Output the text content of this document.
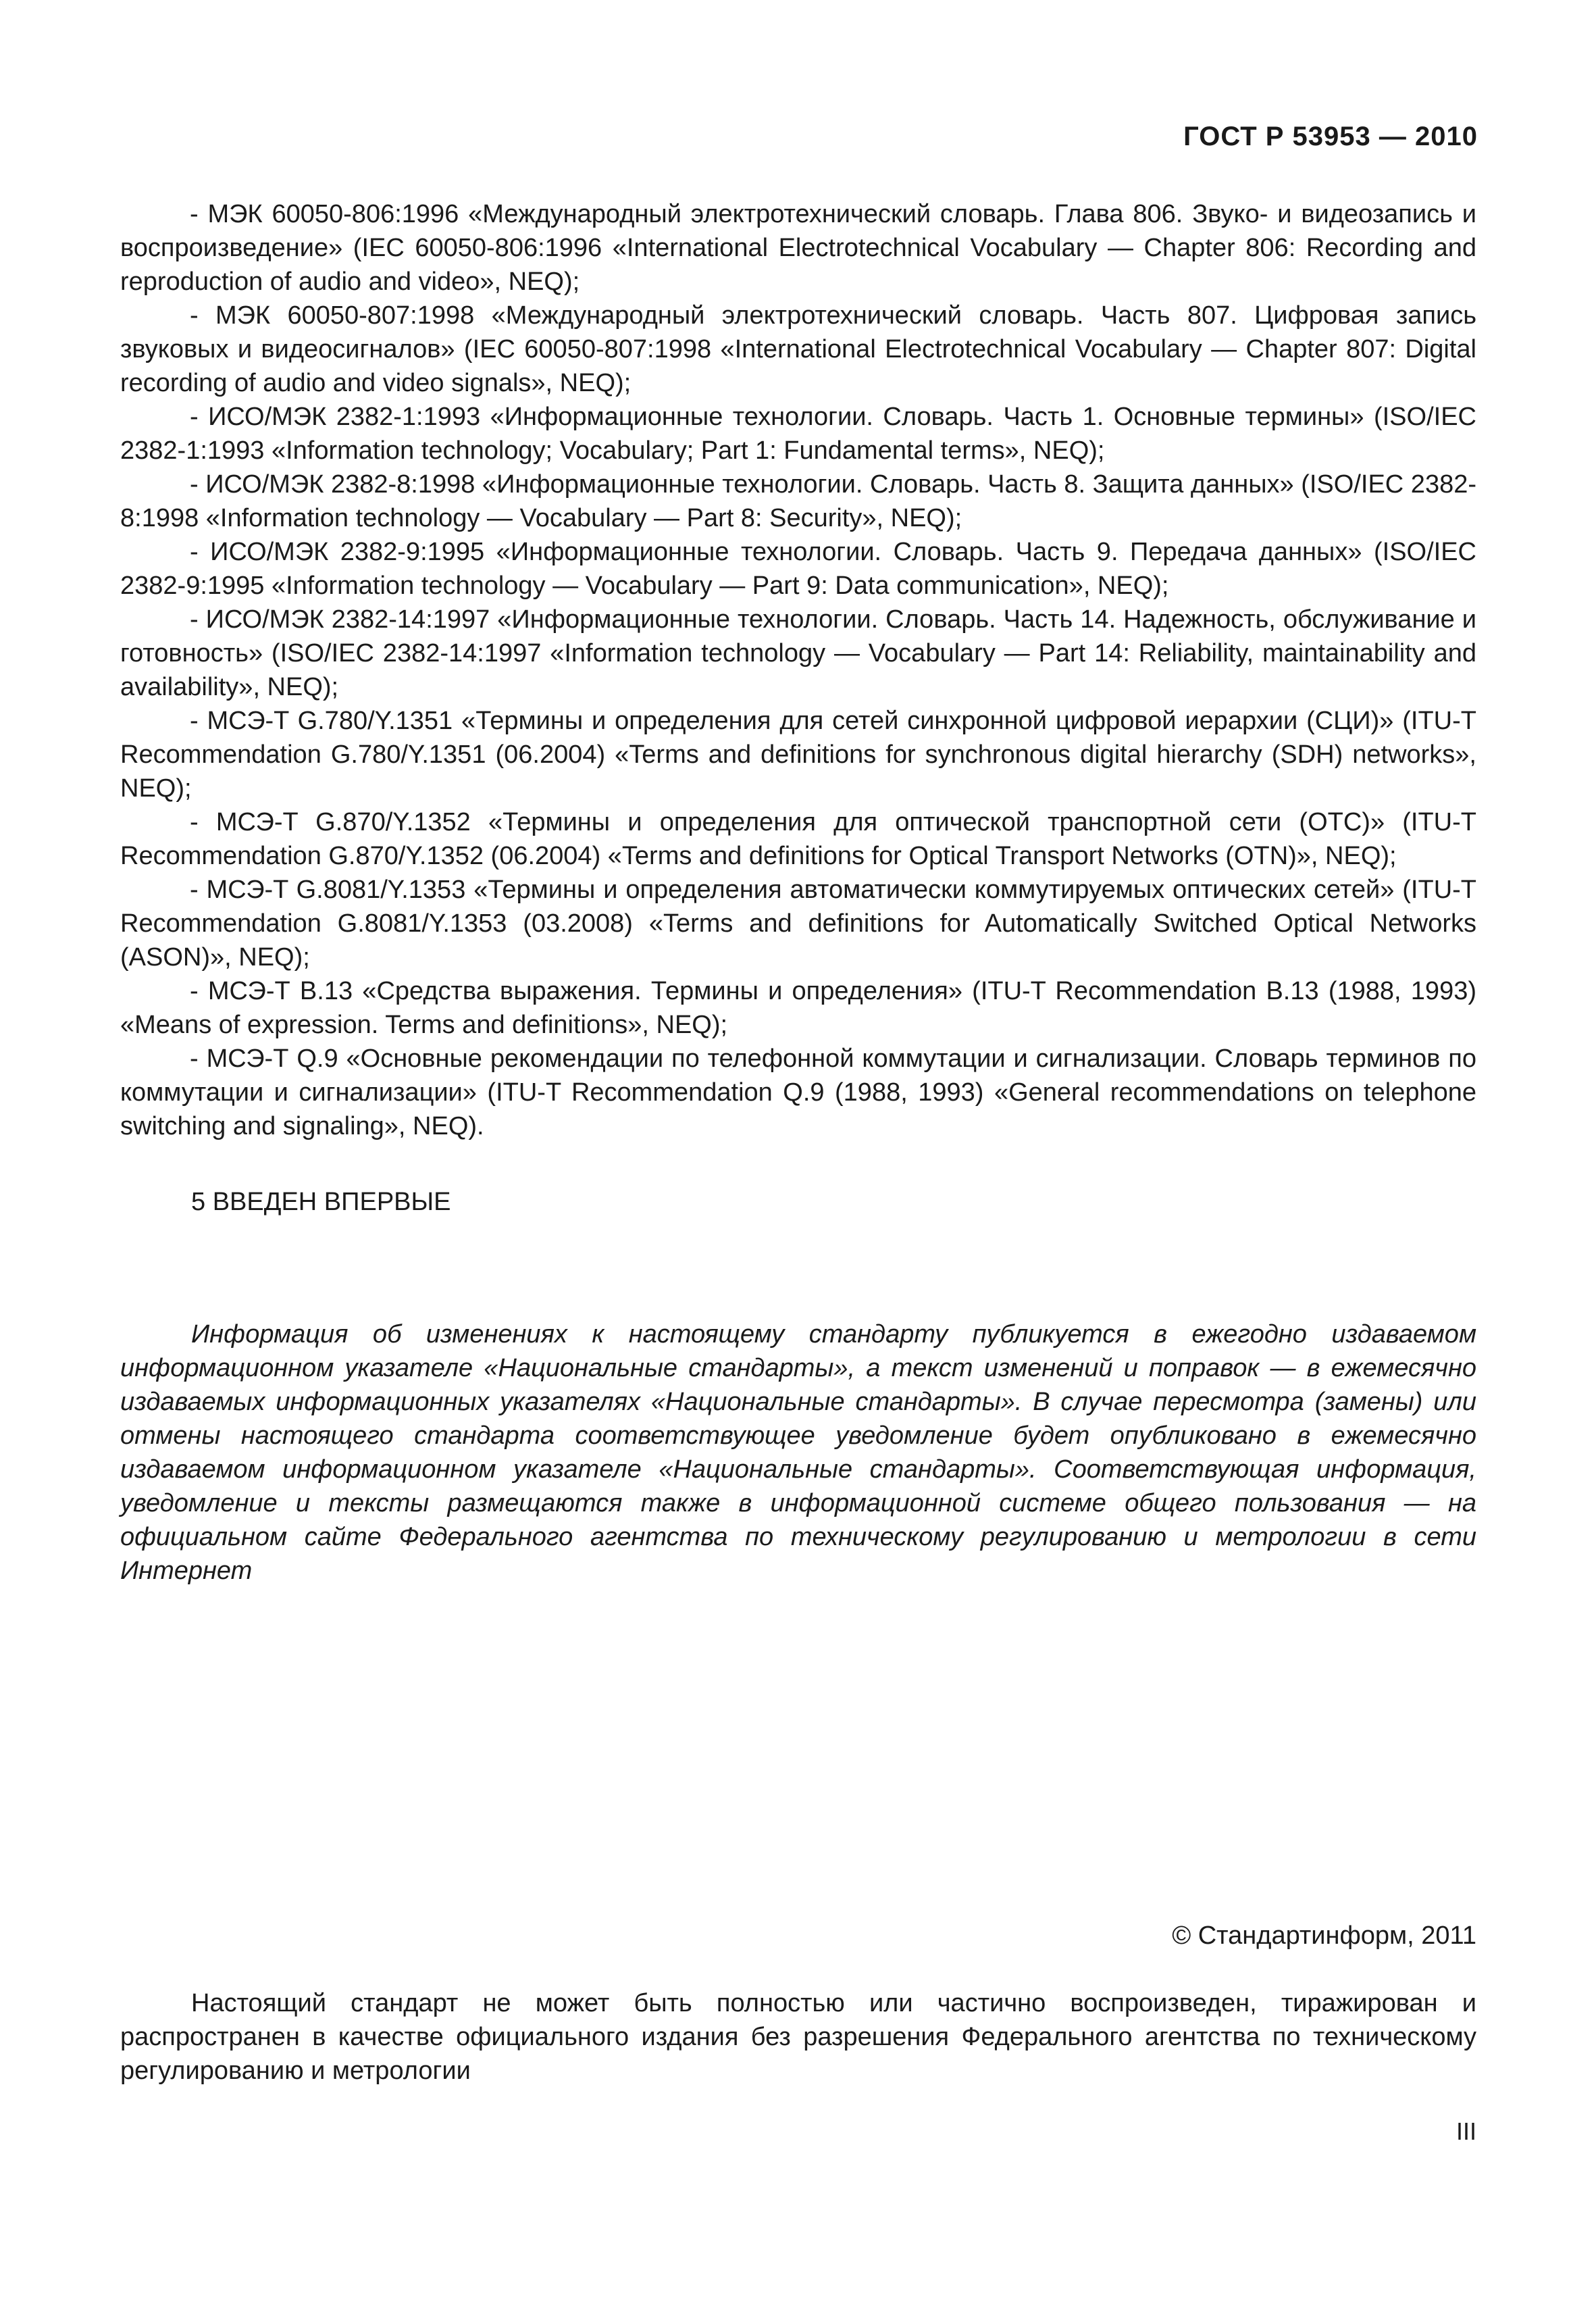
ГОСТ Р 53953 — 2010

- МЭК 60050-806:1996 «Международный электротехнический словарь. Глава 806. Звуко- и видеозапись и воспроизведение» (IEC 60050-806:1996 «International Electrotechnical Vocabulary — Chapter 806: Recording and reproduction of audio and video», NEQ);

- МЭК 60050-807:1998 «Международный электротехнический словарь. Часть 807. Цифровая запись звуковых и видеосигналов» (IEC 60050-807:1998 «International Electrotechnical Vocabulary — Chapter 807: Digital recording of audio and video signals», NEQ);

- ИСО/МЭК 2382-1:1993 «Информационные технологии. Словарь. Часть 1. Основные термины» (ISO/IEC 2382-1:1993 «Information technology; Vocabulary; Part 1: Fundamental terms», NEQ);

- ИСО/МЭК 2382-8:1998 «Информационные технологии. Словарь. Часть 8. Защита данных» (ISO/IEC 2382-8:1998 «Information technology — Vocabulary — Part 8: Security», NEQ);

- ИСО/МЭК 2382-9:1995 «Информационные технологии. Словарь. Часть 9. Передача данных» (ISO/IEC 2382-9:1995 «Information technology — Vocabulary — Part 9: Data communication», NEQ);

- ИСО/МЭК 2382-14:1997 «Информационные технологии. Словарь. Часть 14. Надежность, обслуживание и готовность» (ISO/IEC 2382-14:1997 «Information technology — Vocabulary — Part 14: Reliability, maintainability and availability», NEQ);

- МСЭ-T G.780/Y.1351 «Термины и определения для сетей синхронной цифровой иерархии (СЦИ)» (ITU-T Recommendation G.780/Y.1351 (06.2004) «Terms and definitions for synchronous digital hierarchy (SDH) networks», NEQ);

- МСЭ-T G.870/Y.1352 «Термины и определения для оптической транспортной сети (ОТС)» (ITU-T Recommendation G.870/Y.1352 (06.2004) «Terms and definitions for Optical Transport Networks (OTN)», NEQ);

- МСЭ-T G.8081/Y.1353 «Термины и определения автоматически коммутируемых оптических сетей» (ITU-T Recommendation G.8081/Y.1353 (03.2008) «Terms and definitions for Automatically Switched Optical Networks (ASON)», NEQ);

- МСЭ-Т B.13 «Средства выражения. Термины и определения» (ITU-T Recommendation B.13 (1988, 1993) «Means of expression. Terms and definitions», NEQ);

- МСЭ-Т Q.9 «Основные рекомендации по телефонной коммутации и сигнализации. Словарь терминов по коммутации и сигнализации» (ITU-T Recommendation Q.9 (1988, 1993) «General recommendations on telephone switching and signaling», NEQ).

5 ВВЕДЕН ВПЕРВЫЕ

Информация об изменениях к настоящему стандарту публикуется в ежегодно издаваемом информационном указателе «Национальные стандарты», а текст изменений и поправок — в ежемесячно издаваемых информационных указателях «Национальные стандарты». В случае пересмотра (замены) или отмены настоящего стандарта соответствующее уведомление будет опубликовано в ежемесячно издаваемом информационном указателе «Национальные стандарты». Соответствующая информация, уведомление и тексты размещаются также в информационной системе общего пользования — на официальном сайте Федерального агентства по техническому регулированию и метрологии в сети Интернет

© Стандартинформ, 2011

Настоящий стандарт не может быть полностью или частично воспроизведен, тиражирован и распространен в качестве официального издания без разрешения Федерального агентства по техническому регулированию и метрологии

III
